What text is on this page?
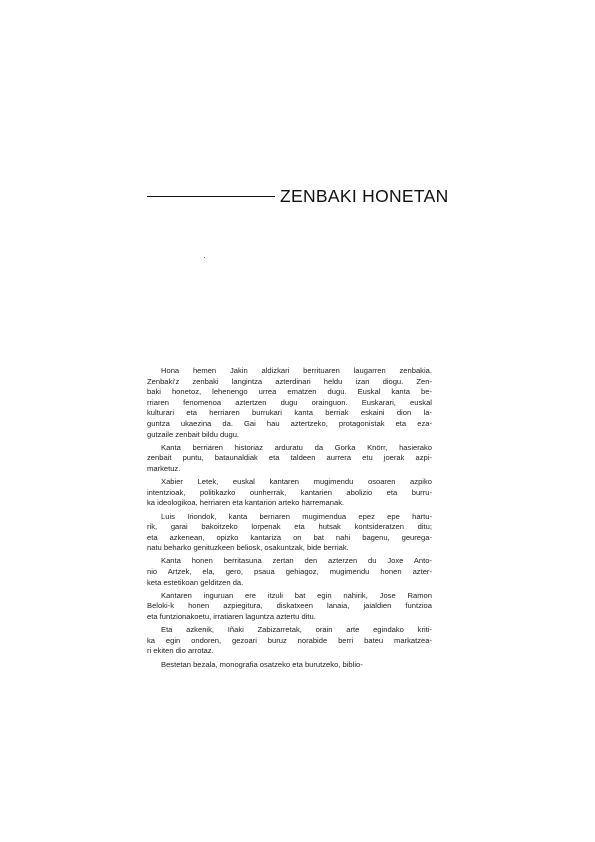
ZENBAKI HONETAN
Hona hemen Jakin aldizkari berrituaren laugarren zenbakia.
Zenbaki'z zenbaki langintza azterdinari heldu izan diogu. Zen-
baki honetoz, lehenengo urrea ematzen dugu. Euskal kanta be-
rriaren fenomenoa aztertzen dugu orainguon. Euskarari, euskal
kulturari eta herriaren burrukari kanta berriak eskaini dion la-
guntza ukaezina da. Gai hau aztertzeko, protagonistak eta eza-
gutzaile zenbait bildu dugu.
Kanta berriaren historiaz arduratu da Gorka Knörr, hasierako
zenbait puntu, bataunaldiak eta taldeen aurrera etu joerak azpi-
marketuz.
Xabier Letek, euskal kantaren mugimendu osoaren azpiko
intentzioak, politikazko ounherrak, kantarien abolizio eta burru-
ka ideologikoa, herriaren eta kantarion arteko harremanak.
Luis Iriondok, kanta berriaren mugimendua epez epe hartu-
rik, garai bakoitzeko lorpenak eta hutsak kontsideratzen ditu;
eta azkenean, opizko kantariza on bat nahi bagenu, geurega-
natu beharko genituzkeen beliosk, osakuntzak, bide berriak.
Kanta honen berritasuna zertan den azterzen du Joxe Anto-
nio Artzek, ela, gero, psaua gehiagoz, mugimendu honen azter-
keta estetikoan gelditzen da.
Kantaren inguruan ere itzuli bat egin nahirik, Jose Ramon
Beloki-k honen azpiegitura, diskatxeen lanaia, jaialdien funtzioa
eta funtzionakoetu, irratiaren laguntza aztertu ditu.
Eta azkenik, Iñaki Zabizarretak, orain arte egindako kriti-
ka egin ondoren, gezoari buruz norabide berri bateu markatzea-
ri ekiten dio arrotaz.
Bestetan bezala, monografia osatzeko eta burutzeko, biblio-
